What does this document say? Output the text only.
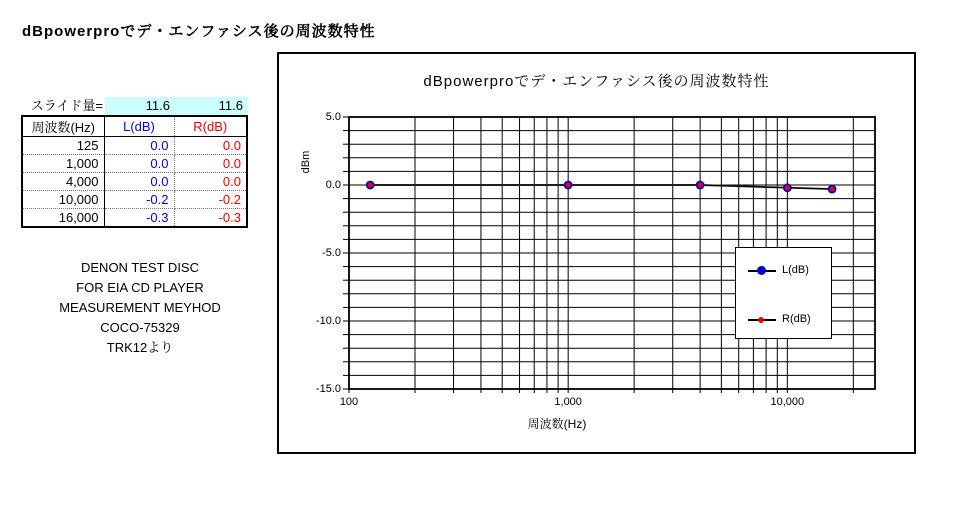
dBpowerproでデ・エンファシス後の周波数特性
スライド量=	11.6	11.6
周波数(Hz)	L(dB)	R(dB)
125	0.0	0.0
1,000	0.0	0.0
4,000	0.0	0.0
10,000	-0.2	-0.2
16,000	-0.3	-0.3
DENON TEST DISC
FOR EIA CD PLAYER
MEASUREMENT MEYHOD
COCO-75329
TRK12より
dBpowerproでデ・エンファシス後の周波数特性
dBm
5.0
0.0
-5.0
-10.0
-15.0
100	1,000	10,000
周波数(Hz)
L(dB)
R(dB)
